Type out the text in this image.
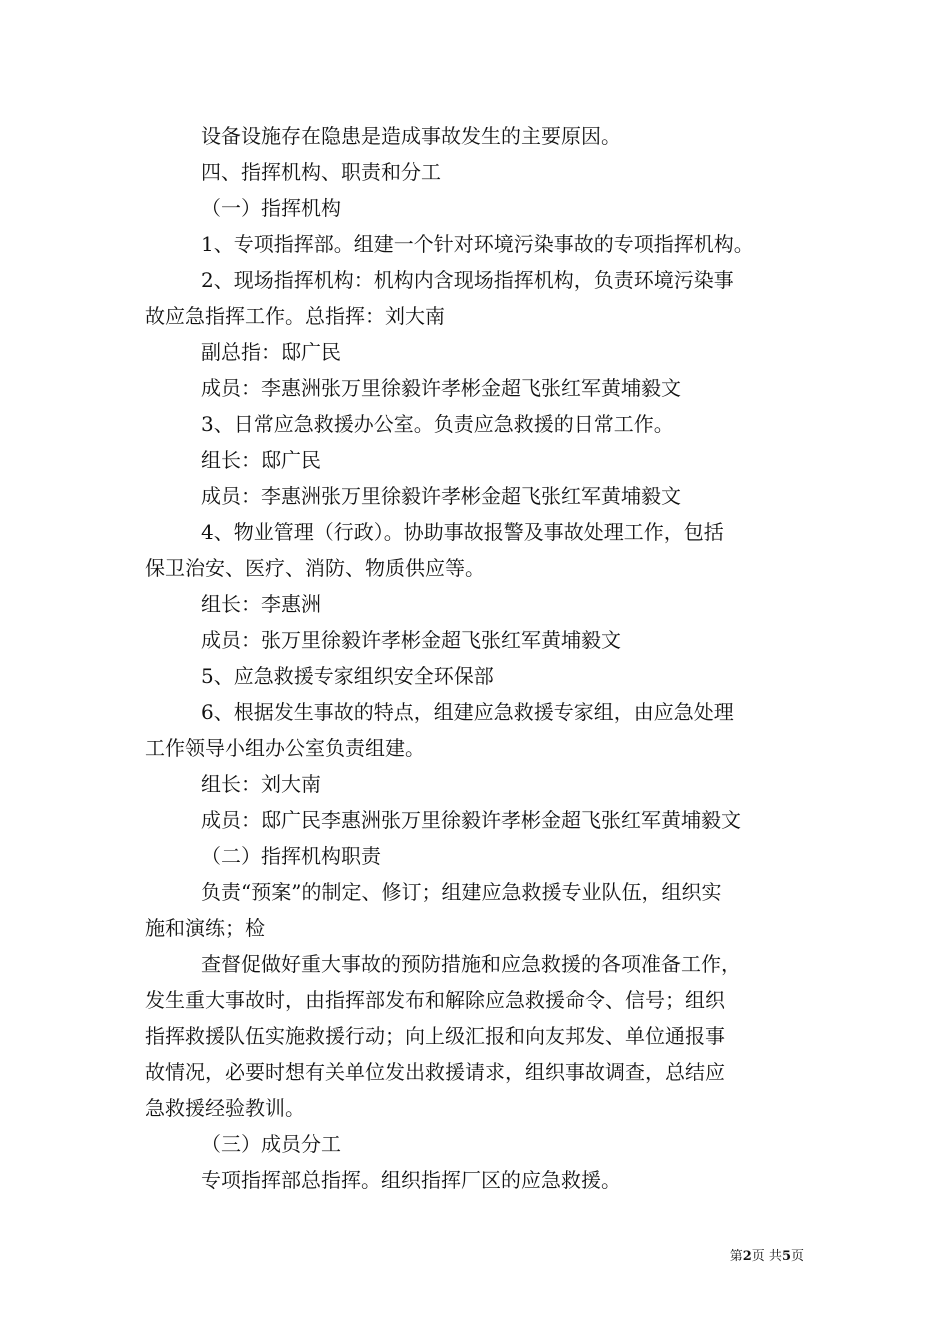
设备设施存在隐患是造成事故发生的主要原因。
四、指挥机构、职责和分工
（一）指挥机构
1、专项指挥部。组建一个针对环境污染事故的专项指挥机构。
2、现场指挥机构：机构内含现场指挥机构，负责环境污染事
故应急指挥工作。总指挥：刘大南
副总指：邸广民
成员：李惠洲张万里徐毅许孝彬金超飞张红军黄埔毅文
3、日常应急救援办公室。负责应急救援的日常工作。
组长：邸广民
成员：李惠洲张万里徐毅许孝彬金超飞张红军黄埔毅文
4、物业管理（行政）。协助事故报警及事故处理工作，包括
保卫治安、医疗、消防、物质供应等。
组长：李惠洲
成员：张万里徐毅许孝彬金超飞张红军黄埔毅文
5、应急救援专家组织安全环保部
6、根据发生事故的特点，组建应急救援专家组，由应急处理
工作领导小组办公室负责组建。
组长：刘大南
成员：邸广民李惠洲张万里徐毅许孝彬金超飞张红军黄埔毅文
（二）指挥机构职责
负责“预案”的制定、修订；组建应急救援专业队伍，组织实
施和演练；检
查督促做好重大事故的预防措施和应急救援的各项准备工作，
发生重大事故时，由指挥部发布和解除应急救援命令、信号；组织
指挥救援队伍实施救援行动；向上级汇报和向友邦发、单位通报事
故情况，必要时想有关单位发出救援请求，组织事故调查，总结应
急救援经验教训。
（三）成员分工
专项指挥部总指挥。组织指挥厂区的应急救援。
第2页 共5页
